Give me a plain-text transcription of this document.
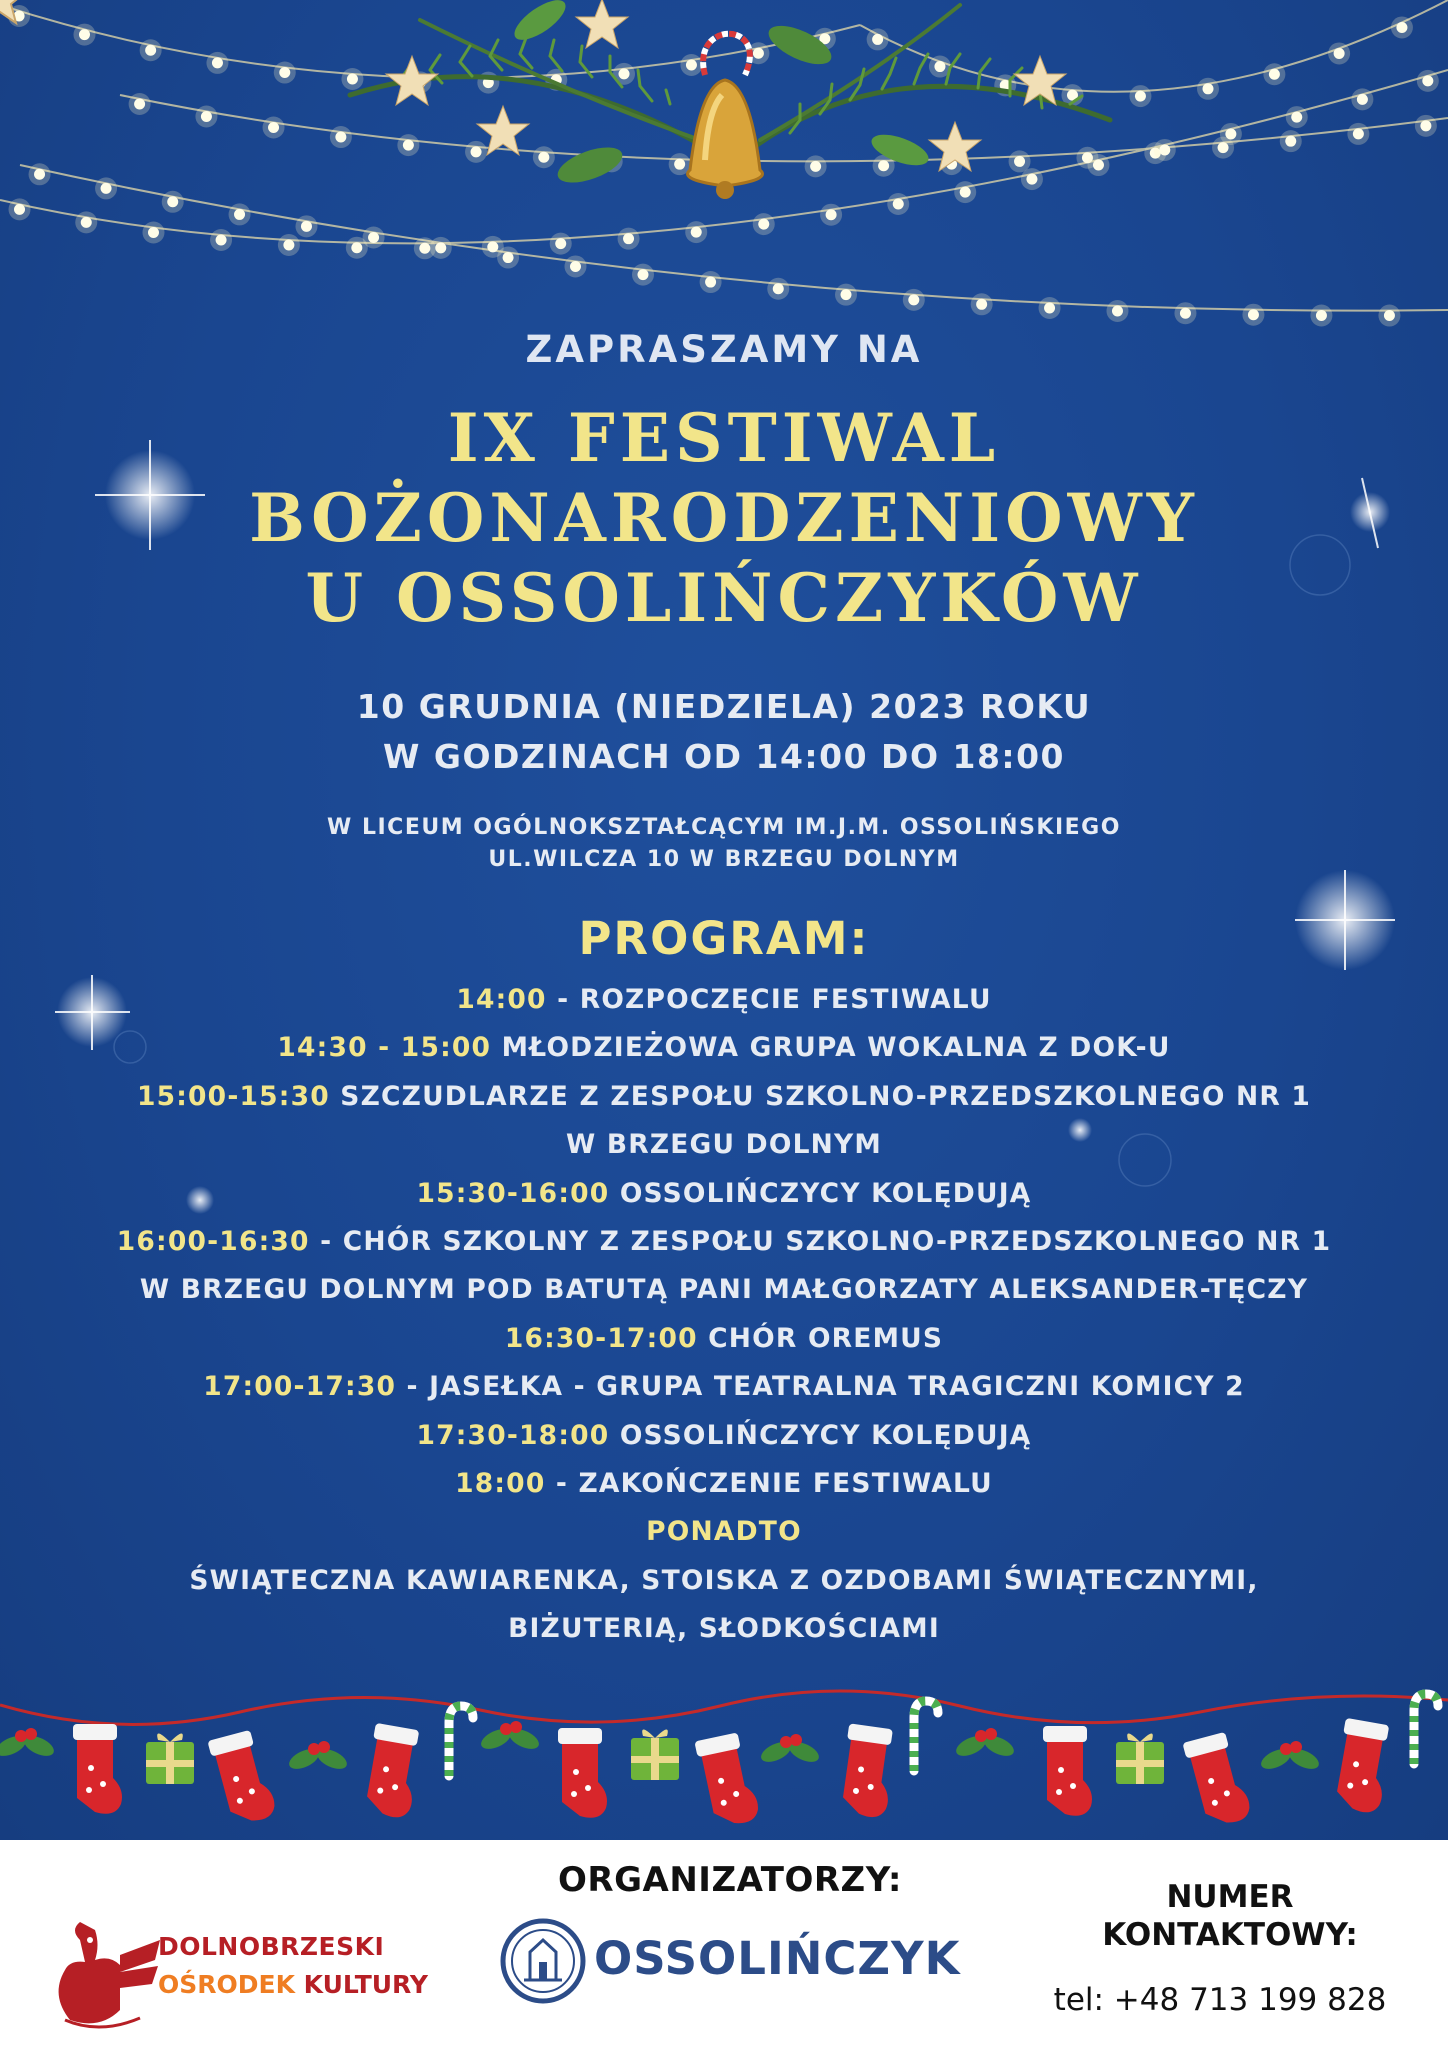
ZAPRASZAMY NA
IX FESTIWAL
BOŻONARODZENIOWY
U OSSOLIŃCZYKÓW
10 GRUDNIA (NIEDZIELA) 2023 ROKU
W GODZINACH OD 14:00 DO 18:00
W LICEUM OGÓLNOKSZTAŁCĄCYM IM.J.M. OSSOLIŃSKIEGO
UL.WILCZA 10 W BRZEGU DOLNYM
PROGRAM:
14:00 - ROZPOCZĘCIE FESTIWALU
14:30 - 15:00 MŁODZIEŻOWA GRUPA WOKALNA Z DOK-U
15:00-15:30 SZCZUDLARZE Z ZESPOŁU SZKOLNO-PRZEDSZKOLNEGO NR 1
W BRZEGU DOLNYM
15:30-16:00 OSSOLIŃCZYCY KOLĘDUJĄ
16:00-16:30 - CHÓR SZKOLNY Z ZESPOŁU SZKOLNO-PRZEDSZKOLNEGO NR 1
W BRZEGU DOLNYM POD BATUTĄ PANI MAŁGORZATY ALEKSANDER-TĘCZY
16:30-17:00 CHÓR OREMUS
17:00-17:30 - JASEŁKA - GRUPA TEATRALNA TRAGICZNI KOMICY 2
17:30-18:00 OSSOLIŃCZYCY KOLĘDUJĄ
18:00 - ZAKOŃCZENIE FESTIWALU
PONADTO
ŚWIĄTECZNA KAWIARENKA, STOISKA Z OZDOBAMI ŚWIĄTECZNYMI,
BIŻUTERIĄ, SŁODKOŚCIAMI
ORGANIZATORZY:
DOLNOBRZESKI
OŚRODEK KULTURY	OSSOLIŃCZYK
NUMER
KONTAKTOWY:
tel: +48 713 199 828
